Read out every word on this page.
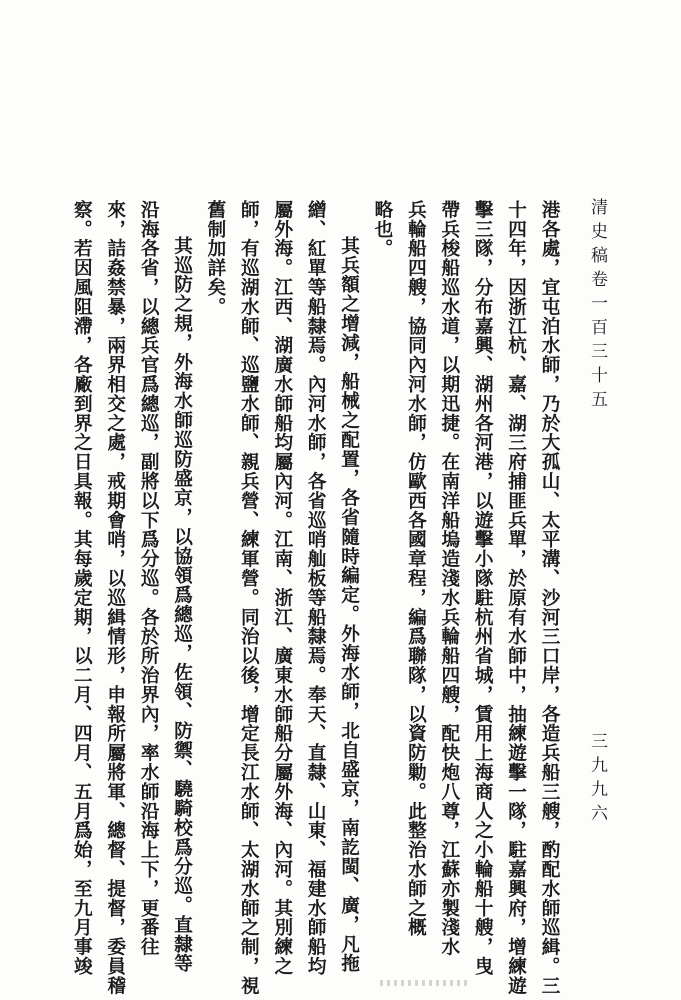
清史稿卷一百三十五
三九九六
港各處，宜屯泊水師，乃於大孤山、太平溝、沙河三口岸，各造兵船三艘，酌配水師巡緝。三
十四年，因浙江杭、嘉、湖三府捕匪兵單，於原有水師中，抽練遊擊一隊，駐嘉興府，增練遊
擊三隊，分布嘉興、湖州各河港，以遊擊小隊駐杭州省城，賃用上海商人之小輪船十艘，曳
帶兵梭船巡水道，以期迅捷。在南洋船塢造淺水兵輪船四艘，配快炮八尊，江蘇亦製淺水
兵輪船四艘，協同內河水師，仿歐西各國章程，編爲聯隊，以資防勦。此整治水師之概
略也。
其兵額之增減，船械之配置，各省隨時編定。外海水師，北自盛京，南訖閩、廣，凡拖
繒、紅單等船隸焉。內河水師，各省巡哨舢板等船隸焉。奉天、直隸、山東、福建水師船均
屬外海。江西、湖廣水師船均屬內河。江南、浙江、廣東水師船分屬外海、內河。其別練之
師，有巡湖水師、巡鹽水師、親兵營、練軍營。同治以後，增定長江水師、太湖水師之制，視
舊制加詳矣。
其巡防之規，外海水師巡防盛京，以協領爲總巡，佐領、防禦、驍騎校爲分巡。直隸等
沿海各省，以總兵官爲總巡，副將以下爲分巡。各於所治界內，率水師沿海上下，更番往
來，詰姦禁暴，兩界相交之處，戒期會哨，以巡緝情形，申報所屬將軍、總督、提督，委員稽
察。若因風阻滯，各廠到界之日具報。其每歲定期，以二月、四月、五月爲始，至九月事竣
